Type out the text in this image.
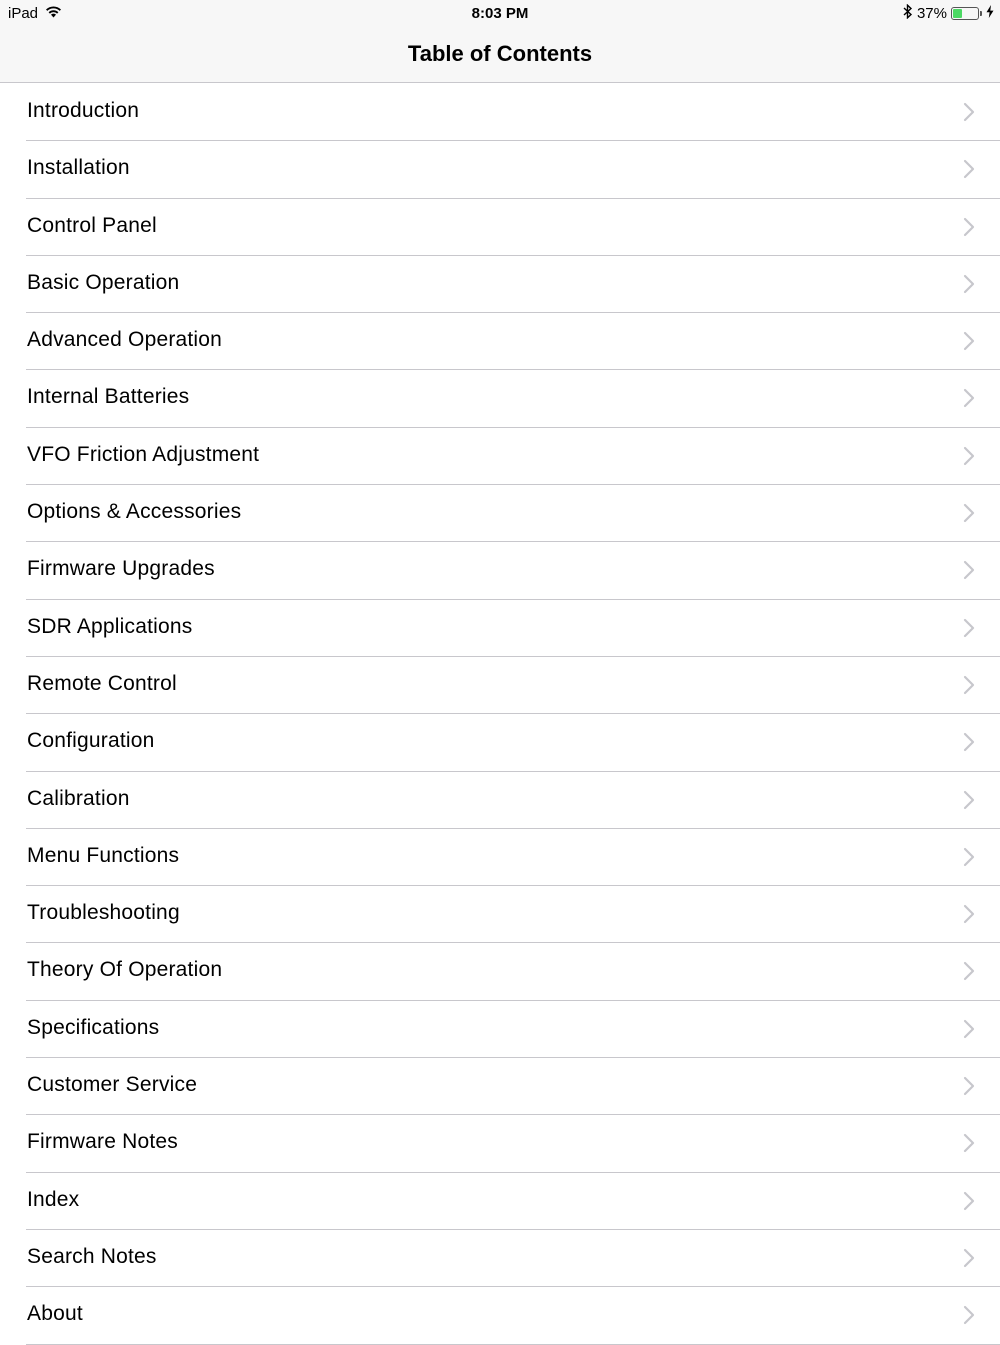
iPad	8:03 PM	37%
Table of Contents
Introduction
Installation
Control Panel
Basic Operation
Advanced Operation
Internal Batteries
VFO Friction Adjustment
Options & Accessories
Firmware Upgrades
SDR Applications
Remote Control
Configuration
Calibration
Menu Functions
Troubleshooting
Theory Of Operation
Specifications
Customer Service
Firmware Notes
Index
Search Notes
About
